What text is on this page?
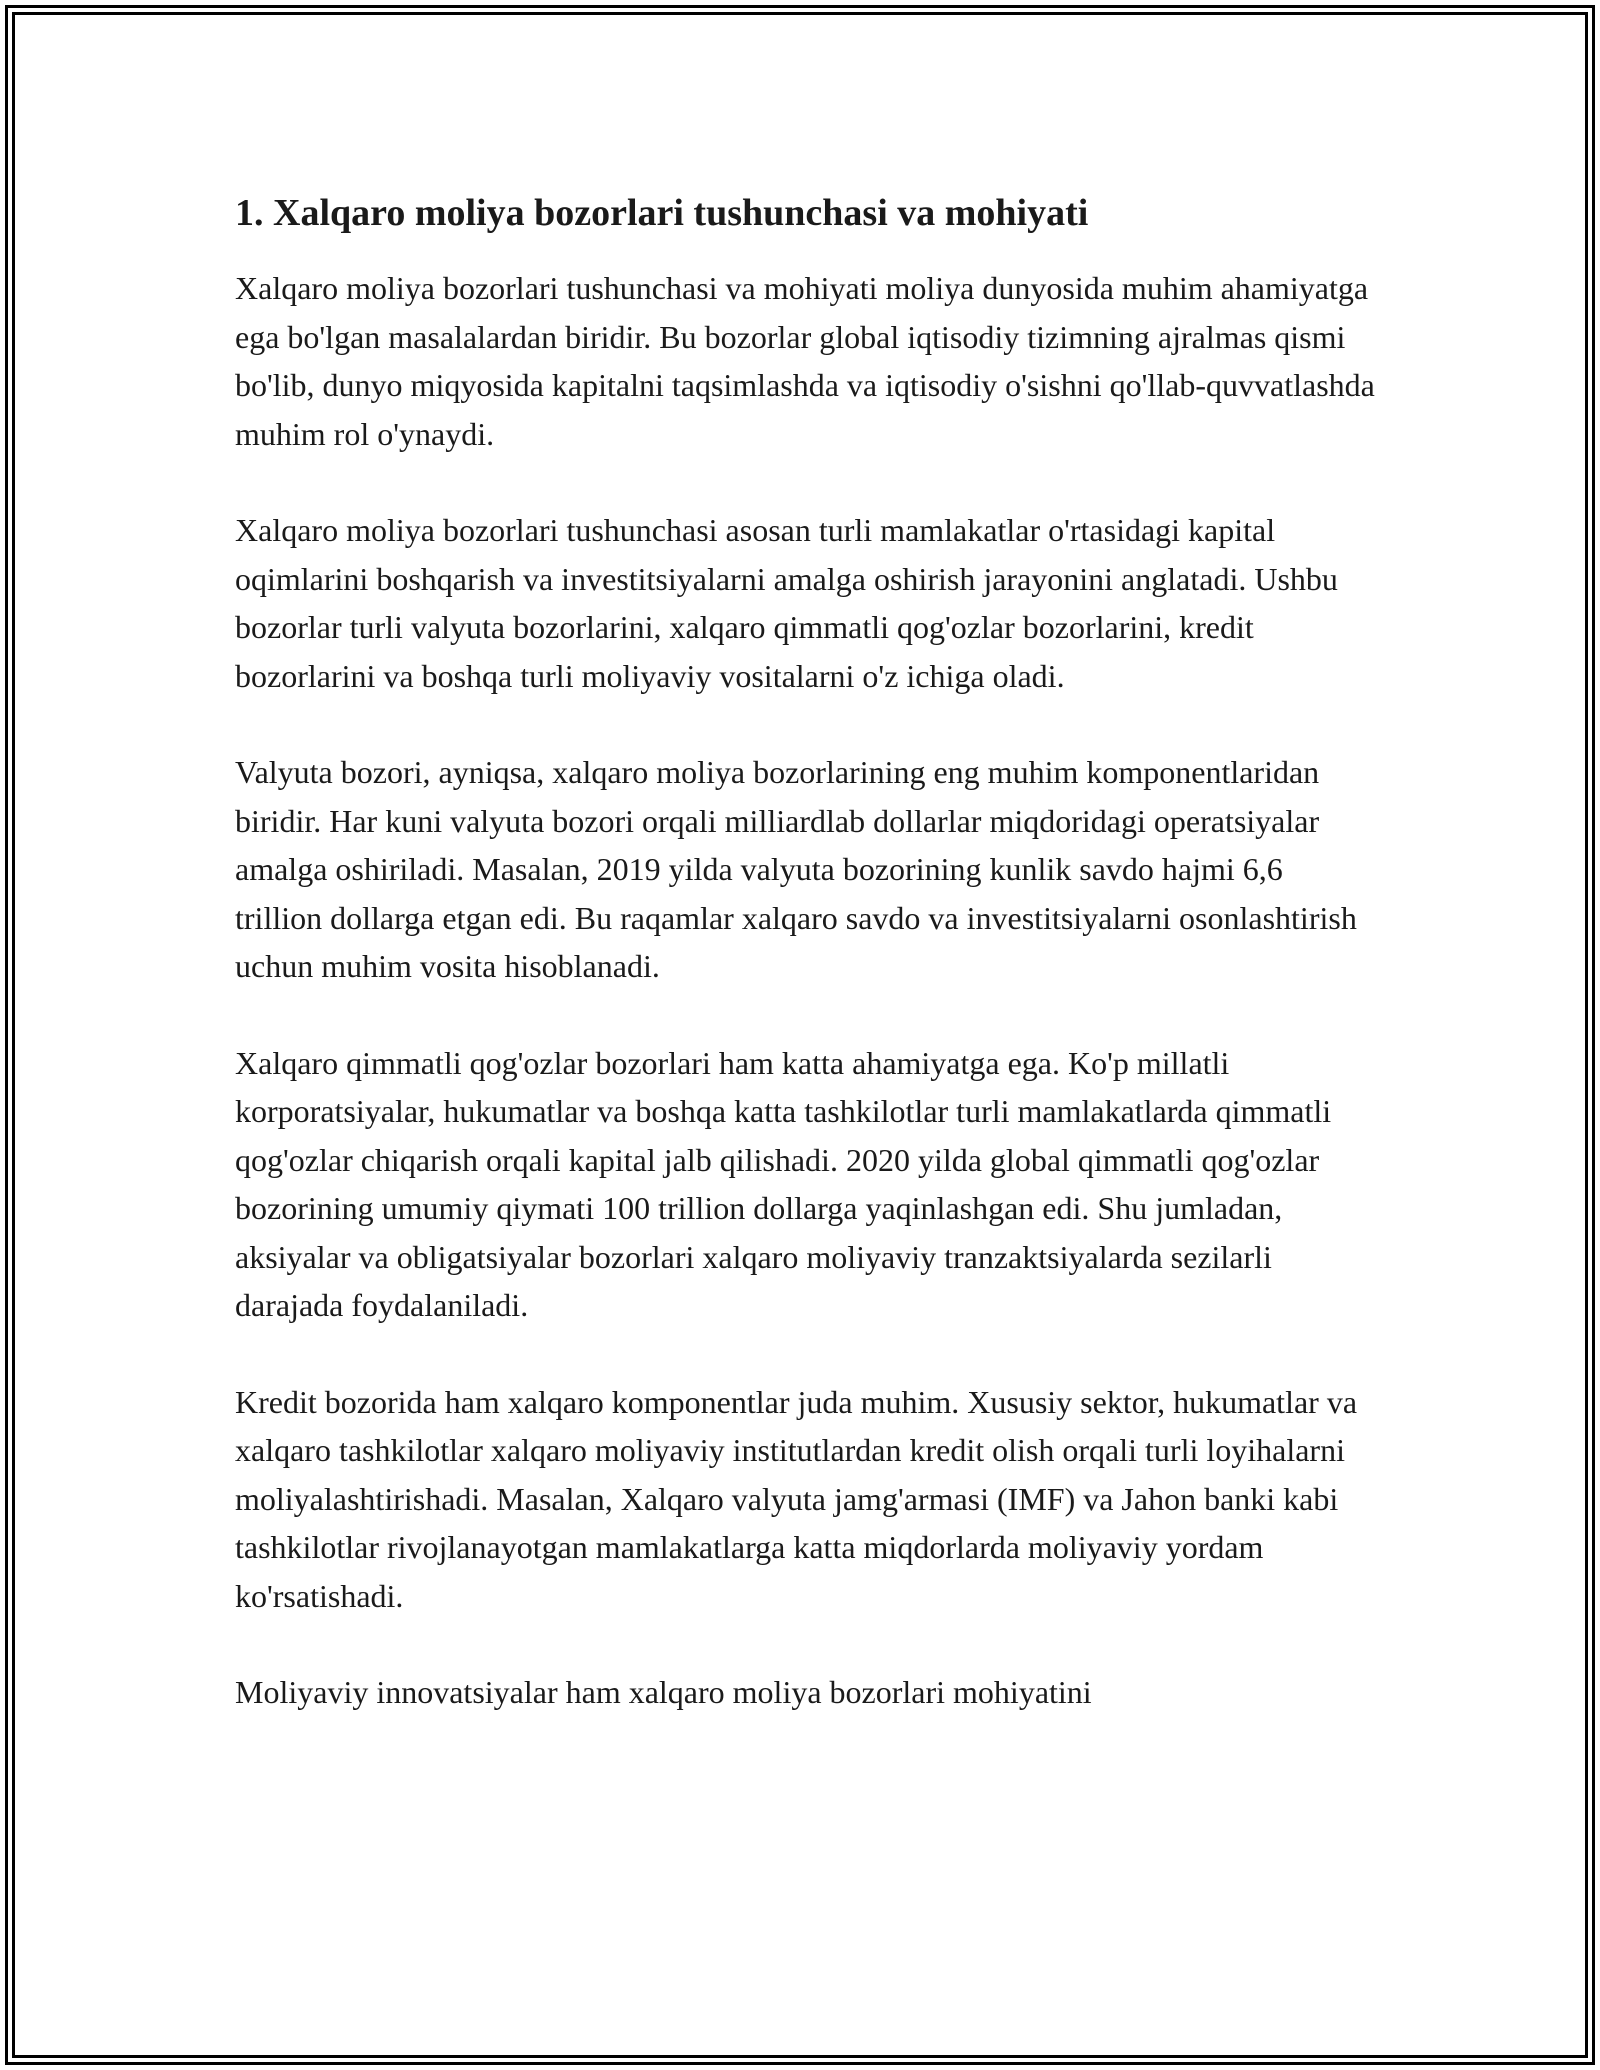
1. Xalqaro moliya bozorlari tushunchasi va mohiyati

Xalqaro moliya bozorlari tushunchasi va mohiyati moliya dunyosida muhim ahamiyatga ega bo'lgan masalalardan biridir. Bu bozorlar global iqtisodiy tizimning ajralmas qismi bo'lib, dunyo miqyosida kapitalni taqsimlashda va iqtisodiy o'sishni qo'llab-quvvatlashda muhim rol o'ynaydi.

Xalqaro moliya bozorlari tushunchasi asosan turli mamlakatlar o'rtasidagi kapital oqimlarini boshqarish va investitsiyalarni amalga oshirish jarayonini anglatadi. Ushbu bozorlar turli valyuta bozorlarini, xalqaro qimmatli qog'ozlar bozorlarini, kredit bozorlarini va boshqa turli moliyaviy vositalarni o'z ichiga oladi.

Valyuta bozori, ayniqsa, xalqaro moliya bozorlarining eng muhim komponentlaridan biridir. Har kuni valyuta bozori orqali milliardlab dollarlar miqdoridagi operatsiyalar amalga oshiriladi. Masalan, 2019 yilda valyuta bozorining kunlik savdo hajmi 6,6 trillion dollarga etgan edi. Bu raqamlar xalqaro savdo va investitsiyalarni osonlashtirish uchun muhim vosita hisoblanadi.

Xalqaro qimmatli qog'ozlar bozorlari ham katta ahamiyatga ega. Ko'p millatli korporatsiyalar, hukumatlar va boshqa katta tashkilotlar turli mamlakatlarda qimmatli qog'ozlar chiqarish orqali kapital jalb qilishadi. 2020 yilda global qimmatli qog'ozlar bozorining umumiy qiymati 100 trillion dollarga yaqinlashgan edi. Shu jumladan, aksiyalar va obligatsiyalar bozorlari xalqaro moliyaviy tranzaktsiyalarda sezilarli darajada foydalaniladi.

Kredit bozorida ham xalqaro komponentlar juda muhim. Xususiy sektor, hukumatlar va xalqaro tashkilotlar xalqaro moliyaviy institutlardan kredit olish orqali turli loyihalarni moliyalashtirishadi. Masalan, Xalqaro valyuta jamg'armasi (IMF) va Jahon banki kabi tashkilotlar rivojlanayotgan mamlakatlarga katta miqdorlarda moliyaviy yordam ko'rsatishadi.

Moliyaviy innovatsiyalar ham xalqaro moliya bozorlari mohiyatini
